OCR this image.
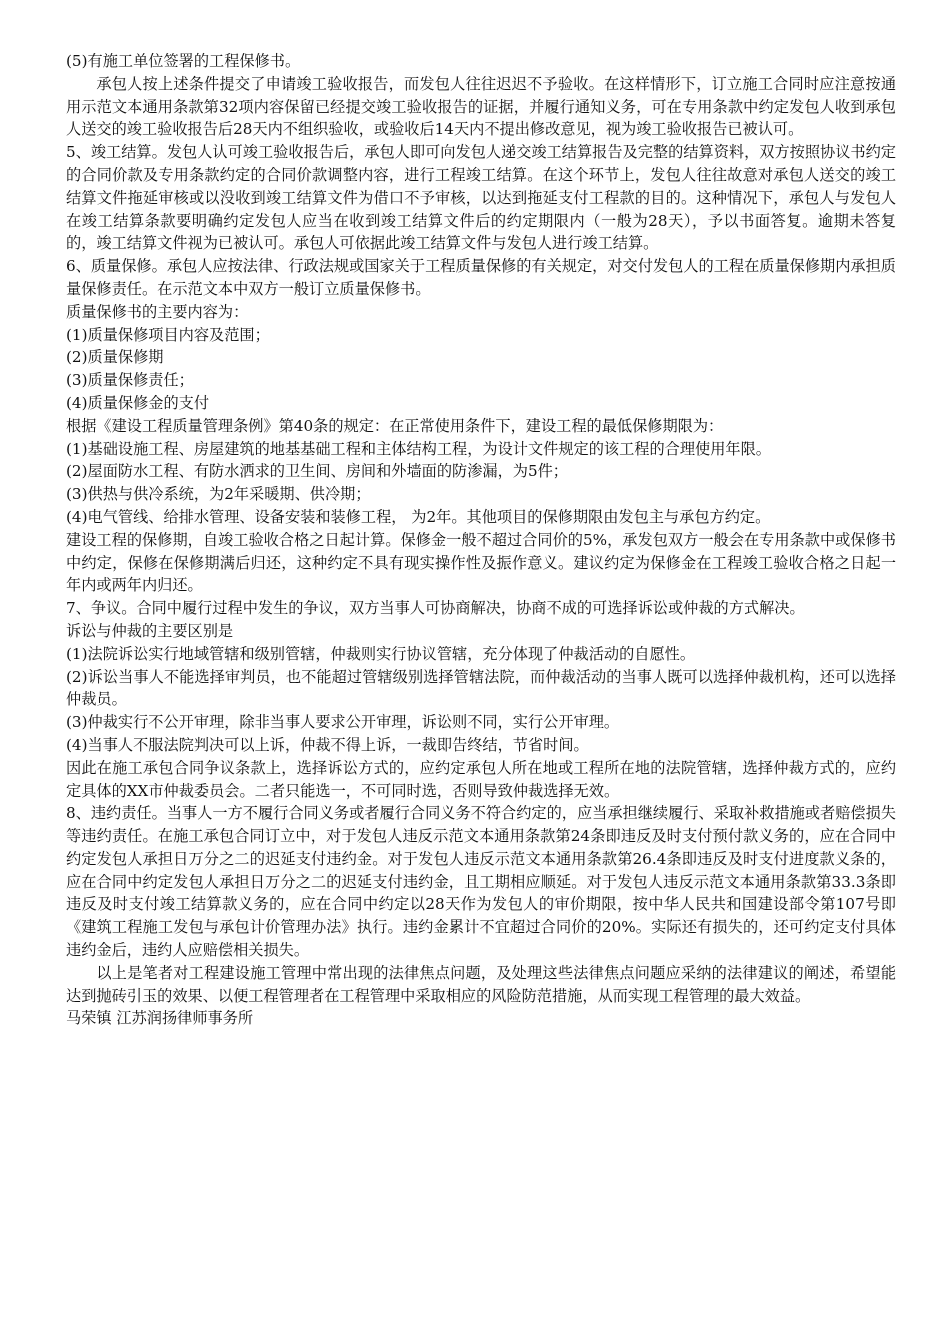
(5)有施工单位签署的工程保修书。

承包人按上述条件提交了申请竣工验收报告，而发包人往往迟迟不予验收。在这样情形下，订立施工合同时应注意按通用示范文本通用条款第32项内容保留已经提交竣工验收报告的证据，并履行通知义务，可在专用条款中约定发包人收到承包人送交的竣工验收报告后28天内不组织验收，或验收后14天内不提出修改意见，视为竣工验收报告已被认可。

5、竣工结算。发包人认可竣工验收报告后，承包人即可向发包人递交竣工结算报告及完整的结算资料，双方按照协议书约定的合同价款及专用条款约定的合同价款调整内容，进行工程竣工结算。在这个环节上，发包人往往故意对承包人送交的竣工结算文件拖延审核或以没收到竣工结算文件为借口不予审核，以达到拖延支付工程款的目的。这种情况下，承包人与发包人在竣工结算条款要明确约定发包人应当在收到竣工结算文件后的约定期限内（一般为28天），予以书面答复。逾期未答复的，竣工结算文件视为已被认可。承包人可依据此竣工结算文件与发包人进行竣工结算。

6、质量保修。承包人应按法律、行政法规或国家关于工程质量保修的有关规定，对交付发包人的工程在质量保修期内承担质量保修责任。在示范文本中双方一般订立质量保修书。

质量保修书的主要内容为：

(1)质量保修项目内容及范围；

(2)质量保修期

(3)质量保修责任；

(4)质量保修金的支付

根据《建设工程质量管理条例》第40条的规定：在正常使用条件下，建设工程的最低保修期限为：

(1)基础设施工程、房屋建筑的地基基础工程和主体结构工程，为设计文件规定的该工程的合理使用年限。

(2)屋面防水工程、有防水洒求的卫生间、房间和外墙面的防渗漏，为5件；

(3)供热与供冷系统，为2年采暖期、供冷期；

(4)电气管线、给排水管理、设备安装和装修工程， 为2年。其他项目的保修期限由发包主与承包方约定。

建设工程的保修期，自竣工验收合格之日起计算。保修金一般不超过合同价的5%，承发包双方一般会在专用条款中或保修书中约定，保修在保修期满后归还，这种约定不具有现实操作性及振作意义。建议约定为保修金在工程竣工验收合格之日起一年内或两年内归还。

7、争议。合同中履行过程中发生的争议，双方当事人可协商解决，协商不成的可选择诉讼或仲裁的方式解决。

诉讼与仲裁的主要区别是

(1)法院诉讼实行地域管辖和级别管辖，仲裁则实行协议管辖，充分体现了仲裁活动的自愿性。

(2)诉讼当事人不能选择审判员，也不能超过管辖级别选择管辖法院，而仲裁活动的当事人既可以选择仲裁机构，还可以选择仲裁员。

(3)仲裁实行不公开审理，除非当事人要求公开审理，诉讼则不同，实行公开审理。

(4)当事人不服法院判决可以上诉，仲裁不得上诉，一裁即告终结，节省时间。

因此在施工承包合同争议条款上，选择诉讼方式的，应约定承包人所在地或工程所在地的法院管辖，选择仲裁方式的，应约定具体的XX市仲裁委员会。二者只能选一，不可同时选，否则导致仲裁选择无效。

8、违约责任。当事人一方不履行合同义务或者履行合同义务不符合约定的，应当承担继续履行、采取补救措施或者赔偿损失等违约责任。在施工承包合同订立中，对于发包人违反示范文本通用条款第24条即违反及时支付预付款义务的，应在合同中约定发包人承担日万分之二的迟延支付违约金。对于发包人违反示范文本通用条款第26.4条即违反及时支付进度款义条的，应在合同中约定发包人承担日万分之二的迟延支付违约金，且工期相应顺延。对于发包人违反示范文本通用条款第33.3条即违反及时支付竣工结算款义务的，应在合同中约定以28天作为发包人的审价期限，按中华人民共和国建设部令第107号即《建筑工程施工发包与承包计价管理办法》执行。违约金累计不宜超过合同价的20%。实际还有损失的，还可约定支付具体违约金后，违约人应赔偿相关损失。

以上是笔者对工程建设施工管理中常出现的法律焦点问题，及处理这些法律焦点问题应采纳的法律建议的阐述，希望能达到抛砖引玉的效果、以便工程管理者在工程管理中采取相应的风险防范措施，从而实现工程管理的最大效益。

马荣镇 江苏润扬律师事务所
